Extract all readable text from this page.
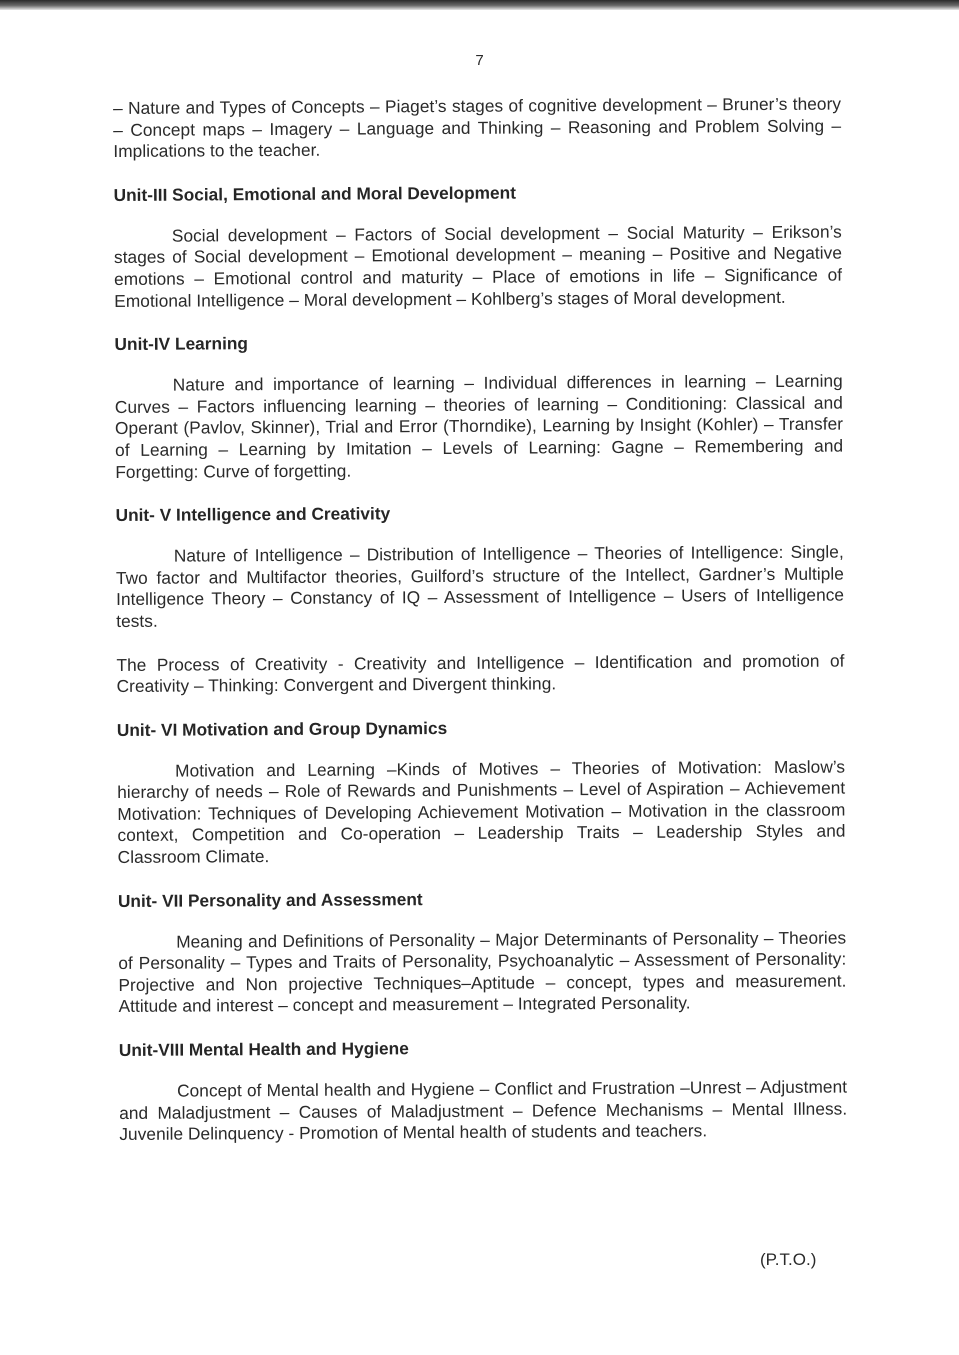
7

– Nature and Types of Concepts – Piaget’s stages of cognitive development – Bruner’s theory – Concept maps – Imagery – Language and Thinking – Reasoning and Problem Solving – Implications to the teacher.

Unit-III Social, Emotional and Moral Development

Social development – Factors of Social development – Social Maturity – Erikson’s stages of Social development – Emotional development – meaning – Positive and Negative emotions – Emotional control and maturity – Place of emotions in life – Significance of Emotional Intelligence – Moral development – Kohlberg’s stages of Moral development.

Unit-IV Learning

Nature and importance of learning – Individual differences in learning – Learning Curves – Factors influencing learning – theories of learning – Conditioning: Classical and Operant (Pavlov, Skinner), Trial and Error (Thorndike), Learning by Insight (Kohler) – Transfer of Learning – Learning by Imitation – Levels of Learning: Gagne – Remembering and Forgetting: Curve of forgetting.

Unit- V Intelligence and Creativity

Nature of Intelligence – Distribution of Intelligence – Theories of Intelligence: Single, Two factor and Multifactor theories, Guilford’s structure of the Intellect, Gardner’s Multiple Intelligence Theory – Constancy of IQ – Assessment of Intelligence – Users of Intelligence tests.

The Process of Creativity - Creativity and Intelligence – Identification and promotion of Creativity – Thinking: Convergent and Divergent thinking.

Unit- VI Motivation and Group Dynamics

Motivation and Learning –Kinds of Motives – Theories of Motivation: Maslow’s hierarchy of needs – Role of Rewards and Punishments – Level of Aspiration – Achievement Motivation: Techniques of Developing Achievement Motivation – Motivation in the classroom context, Competition and Co-operation – Leadership Traits – Leadership Styles and Classroom Climate.

Unit- VII Personality and Assessment

Meaning and Definitions of Personality – Major Determinants of Personality – Theories of Personality – Types and Traits of Personality, Psychoanalytic – Assessment of Personality: Projective and Non projective Techniques–Aptitude – concept, types and measurement. Attitude and interest – concept and measurement – Integrated Personality.

Unit-VIII Mental Health and Hygiene

Concept of Mental health and Hygiene – Conflict and Frustration –Unrest – Adjustment and Maladjustment – Causes of Maladjustment – Defence Mechanisms – Mental Illness. Juvenile Delinquency - Promotion of Mental health of students and teachers.

(P.T.O.)
